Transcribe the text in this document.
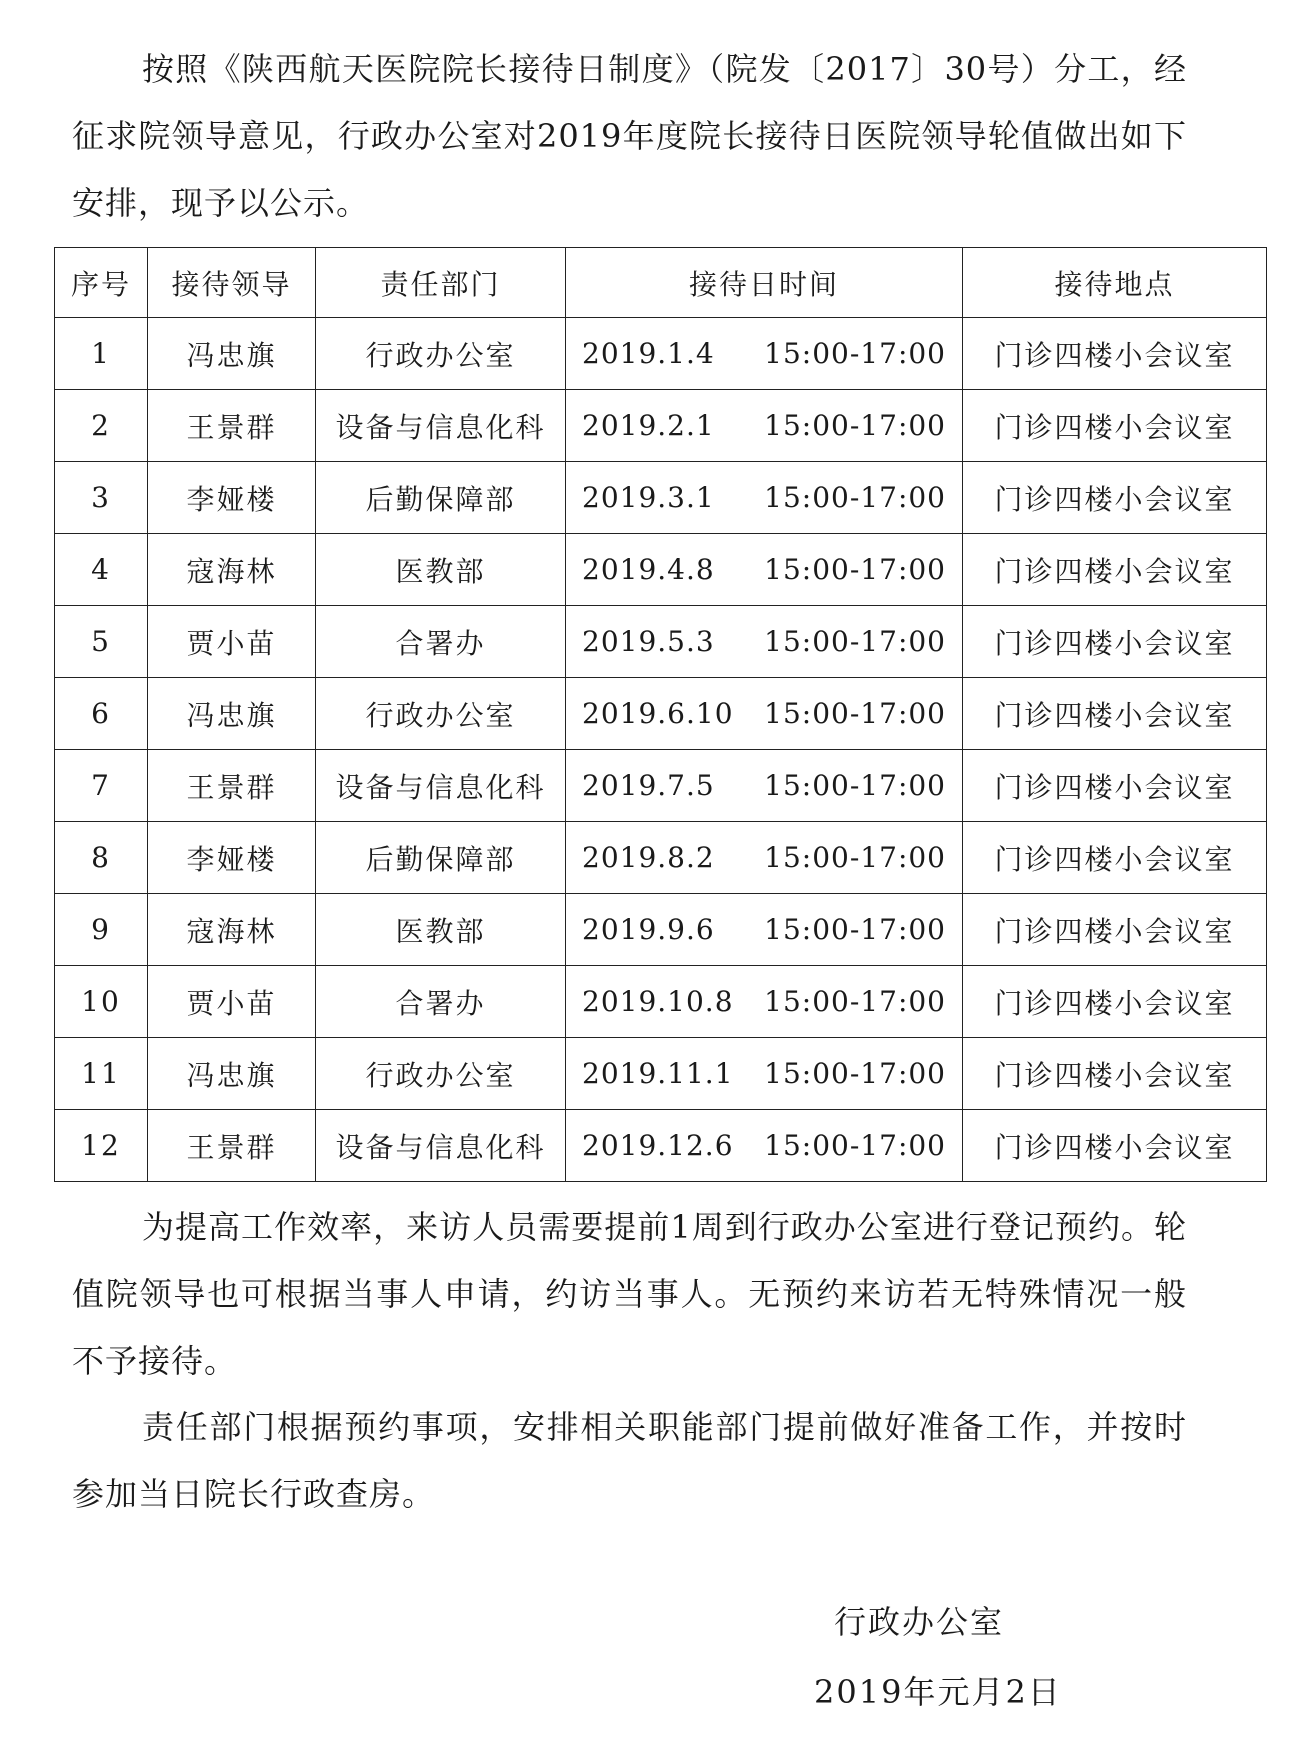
按照《陕西航天医院院长接待日制度》（院发〔2017〕30号）分工，经征求院领导意见，行政办公室对2019年度院长接待日医院领导轮值做出如下安排，现予以公示。

序号	接待领导	责任部门	接待日时间	接待地点
1	冯忠旗	行政办公室	2019.1.4 15:00-17:00	门诊四楼小会议室
2	王景群	设备与信息化科	2019.2.1 15:00-17:00	门诊四楼小会议室
3	李娅楼	后勤保障部	2019.3.1 15:00-17:00	门诊四楼小会议室
4	寇海林	医教部	2019.4.8 15:00-17:00	门诊四楼小会议室
5	贾小苗	合署办	2019.5.3 15:00-17:00	门诊四楼小会议室
6	冯忠旗	行政办公室	2019.6.10 15:00-17:00	门诊四楼小会议室
7	王景群	设备与信息化科	2019.7.5 15:00-17:00	门诊四楼小会议室
8	李娅楼	后勤保障部	2019.8.2 15:00-17:00	门诊四楼小会议室
9	寇海林	医教部	2019.9.6 15:00-17:00	门诊四楼小会议室
10	贾小苗	合署办	2019.10.8 15:00-17:00	门诊四楼小会议室
11	冯忠旗	行政办公室	2019.11.1 15:00-17:00	门诊四楼小会议室
12	王景群	设备与信息化科	2019.12.6 15:00-17:00	门诊四楼小会议室

为提高工作效率，来访人员需要提前1周到行政办公室进行登记预约。轮值院领导也可根据当事人申请，约访当事人。无预约来访若无特殊情况一般不予接待。

责任部门根据预约事项，安排相关职能部门提前做好准备工作，并按时参加当日院长行政查房。

行政办公室
2019年元月2日
